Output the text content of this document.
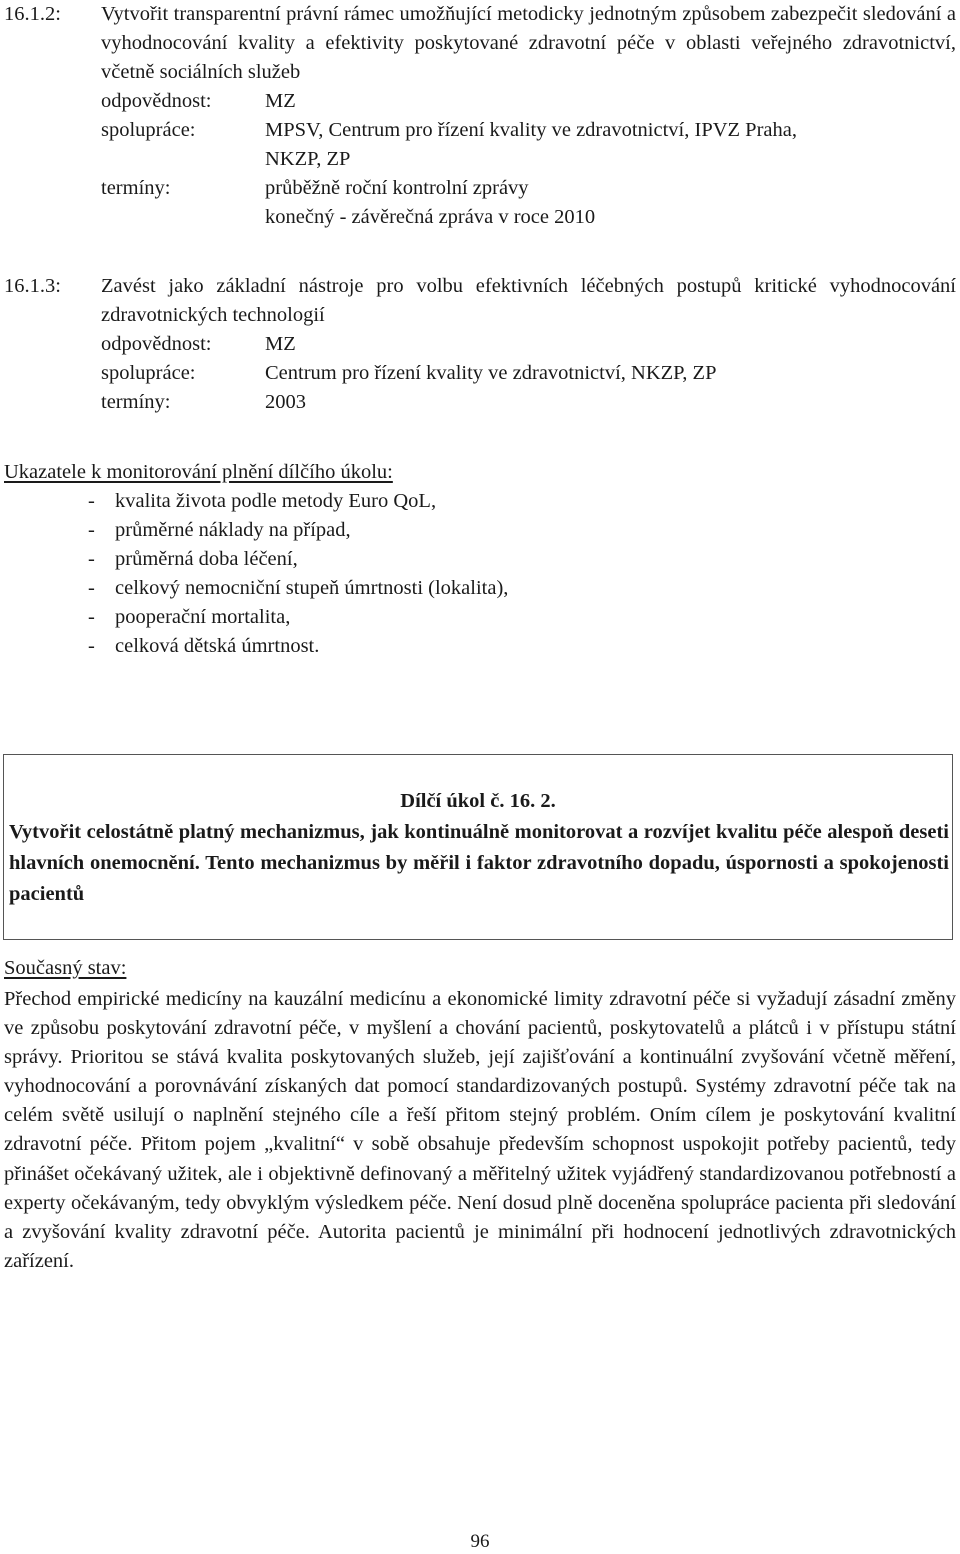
16.1.2: Vytvořit transparentní právní rámec umožňující metodicky jednotným způsobem zabezpečit sledování a vyhodnocování kvality a efektivity poskytované zdravotní péče v oblasti veřejného zdravotnictví, včetně sociálních služeb
odpovědnost:	MZ
spolupráce:	MPSV, Centrum pro řízení kvality ve zdravotnictví, IPVZ Praha,
NKZP, ZP
termíny:	průběžně roční kontrolní zprávy
konečný - závěrečná zpráva v roce 2010
16.1.3: Zavést jako základní nástroje pro volbu efektivních léčebných postupů kritické vyhodnocování zdravotnických technologií
odpovědnost:	MZ
spolupráce:	Centrum pro řízení kvality ve zdravotnictví, NKZP, ZP
termíny:	2003
Ukazatele k monitorování plnění dílčího úkolu:
- kvalita života podle metody Euro QoL,
- průměrné náklady na případ,
- průměrná doba léčení,
- celkový nemocniční stupeň úmrtnosti (lokalita),
- pooperační mortalita,
- celková dětská úmrtnost.
Dílčí úkol č. 16. 2.
Vytvořit celostátně platný mechanizmus, jak kontinuálně monitorovat a rozvíjet kvalitu péče alespoň deseti hlavních onemocnění. Tento mechanizmus by měřil i faktor zdravotního dopadu, úspornosti a spokojenosti pacientů
Současný stav:
Přechod empirické medicíny na kauzální medicínu a ekonomické limity zdravotní péče si vyžadují zásadní změny ve způsobu poskytování zdravotní péče, v myšlení a chování pacientů, poskytovatelů a plátců i v přístupu státní správy. Prioritou se stává kvalita poskytovaných služeb, její zajišťování a kontinuální zvyšování včetně měření, vyhodnocování a porovnávání získaných dat pomocí standardizovaných postupů. Systémy zdravotní péče tak na celém světě usilují o naplnění stejného cíle a řeší přitom stejný problém. Oním cílem je poskytování kvalitní zdravotní péče. Přitom pojem „kvalitní“ v sobě obsahuje především schopnost uspokojit potřeby pacientů, tedy přinášet očekávaný užitek, ale i objektivně definovaný a měřitelný užitek vyjádřený standardizovanou potřebností a experty očekávaným, tedy obvyklým výsledkem péče. Není dosud plně doceněna spolupráce pacienta při sledování a zvyšování kvality zdravotní péče. Autorita pacientů je minimální při hodnocení jednotlivých zdravotnických zařízení.
96
